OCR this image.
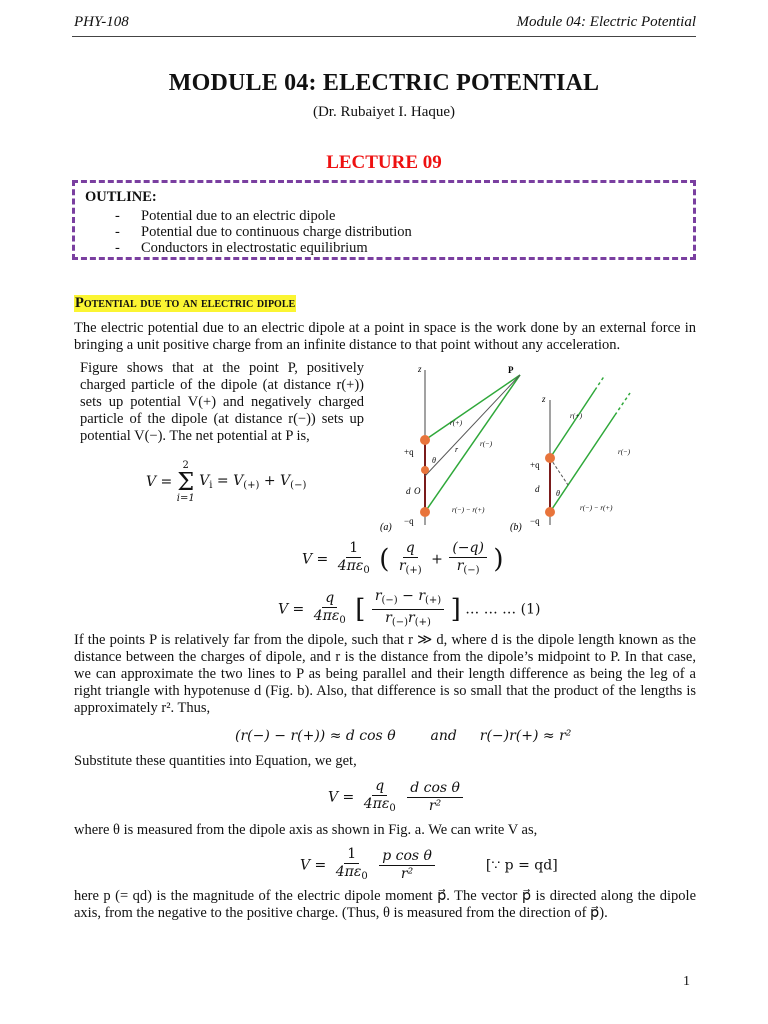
PHY-108	Module 04: Electric Potential
MODULE 04: ELECTRIC POTENTIAL
(Dr. Rubaiyet I. Haque)
LECTURE 09
OUTLINE:
- Potential due to an electric dipole
- Potential due to continuous charge distribution
- Conductors in electrostatic equilibrium
Potential due to an electric dipole
The electric potential due to an electric dipole at a point in space is the work done by an external force in bringing a unit positive charge from an infinite distance to that point without any acceleration.
Figure shows that at the point P, positively charged particle of the dipole (at distance r(+)) sets up potential V(+) and negatively charged particle of the dipole (at distance r(−)) sets up potential V(−). The net potential at P is,
V =
2
Σ
i=1
$V_i = V_{(+)} + V_{(-)}$
z	P
+q
−q
d O
θ
r
r(+)
r(−)
r(−) − r(+)
(a)
z
+q
−q
d θ
r(+)
r(−)
r(−) − r(+)
(b)
$V = \frac{1}{4\pi\varepsilon_0}$ ( $\frac{q}{r_{(+)}} + \frac{(-q)}{r_{(-)}}$ )
$V = \frac{q}{4\pi\varepsilon_0}$ [ $\frac{r_{(-)} - r_{(+)}}{r_{(-)}r_{(+)}}$ ] … … … (1)
If the points P is relatively far from the dipole, such that r ≫ d, where d is the dipole length known as the distance between the charges of dipole, and r is the distance from the dipole’s midpoint to P. In that case, we can approximate the two lines to P as being parallel and their length difference as being the leg of a right triangle with hypotenuse d (Fig. b). Also, that difference is so small that the product of the lengths is approximately r². Thus,
(r(−) − r(+)) ≈ d cos θ and r(−)r(+) ≈ r²
Substitute these quantities into Equation, we get,
$V = \frac{q}{4\pi\varepsilon_0}$
$\frac{\text{d cos θ}}{\text{r²}}$
where θ is measured from the dipole axis as shown in Fig. a. We can write V as,
$V = \frac{1}{4\pi\varepsilon_0}$
$\frac{\text{p cos θ}}{\text{r²}}$	[∵ p = qd]
here p (= qd) is the magnitude of the electric dipole moment p⃗. The vector p⃗ is directed along the dipole axis, from the negative to the positive charge. (Thus, θ is measured from the direction of p⃗).
1
